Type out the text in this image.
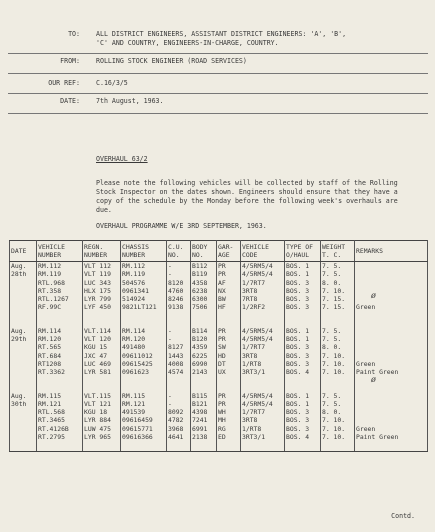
TO: ALL DISTRICT ENGINEERS, ASSISTANT DISTRICT ENGINEERS: 'A', 'B',
'C' AND COUNTRY, ENGINEERS-IN-CHARGE, COUNTRY.
FROM: ROLLING STOCK ENGINEER (ROAD SERVICES)
OUR REF: C.16/3/5
DATE: 7th August, 1963.
OVERHAUL 63/2
Please note the following vehicles will be collected by staff of the Rolling Stock Inspector on the dates shown. Engineers should ensure that they have a copy of the schedule by the Monday before the following week's overhauls are due.
OVERHAUL PROGRAMME W/E 3RD SEPTEMBER, 1963.
DATE	VEHICLE NUMBER	REGN. NUMBER	CHASSIS NUMBER	C.U. NO.	BODY NO.	GAR-AGE	VEHICLE CODE	TYPE OF O/HAUL	WEIGHT T. C.	REMARKS
Aug.	RM.112	VLT 112	RM.112	-	B112	PR	4/5RM5/4	BOS. 1	7. 5.	
28th	RM.119	VLT 119	RM.119	-	B119	PR	4/5RM5/4	BOS. 1	7. 5.	
	RTL.968	LUC 343	504576	8120	4358	AF	1/7RT7	BOS. 3	8. 0.	
	RT.358	HLX 175	0961341	4760	6238	NX	3RT8	BOS. 3	7. 10.	
	RTL.1267	LYR 799	514924	8246	6300	BW	7RT8	BOS. 3	7. 15.	
	RF.99C	LYF 450	9821LT121	9138	7506	HF	1/2RF2	BOS. 3	7. 15.	Green

Aug.	RM.114	VLT.114	RM.114	-	B114	PR	4/5RM5/4	BOS. 1	7. 5.	
29th	RM.120	VLT 120	RM.120	-	B120	PR	4/5RM5/4	BOS. 1	7. 5.	
	RT.565	KGU 15	491480	8127	4359	SW	1/7RT7	BOS. 3	8. 0.	
	RT.684	JXC 47	09611012	1443	6225	HD	3RT8	BOS. 3	7. 10.	
	RT1208	LUC 469	09615425	4008	6990	DT	1/RT8	BOS. 3	7. 10.	Green
	RT.3362	LYR 581	0961623	4574	2143	UX	3RT3/1	BOS. 4	7. 10.	Paint Green

Aug.	RM.115	VLT.115	RM.115	-	B115	PR	4/5RM5/4	BOS. 1	7. 5.	
30th	RM.121	VLT 121	RM.121	-	B121	PR	4/5RM5/4	BOS. 1	7. 5.	
	RTL.568	KGU 18	491539	8092	4398	WH	1/7RT7	BOS. 3	8. 0.	
	RT.3465	LYR 884	09616459	4782	7241	MH	3RT8	BOS. 3	7. 10.	
	RT.4126B	LUW 475	09615771	3968	6991	RG	1/RT8	BOS. 3	7. 10.	Green
	RT.2795	LYR 965	09616366	4641	2138	ED	3RT3/1	BOS. 4	7. 10.	Paint Green

ø
ø
Contd.
